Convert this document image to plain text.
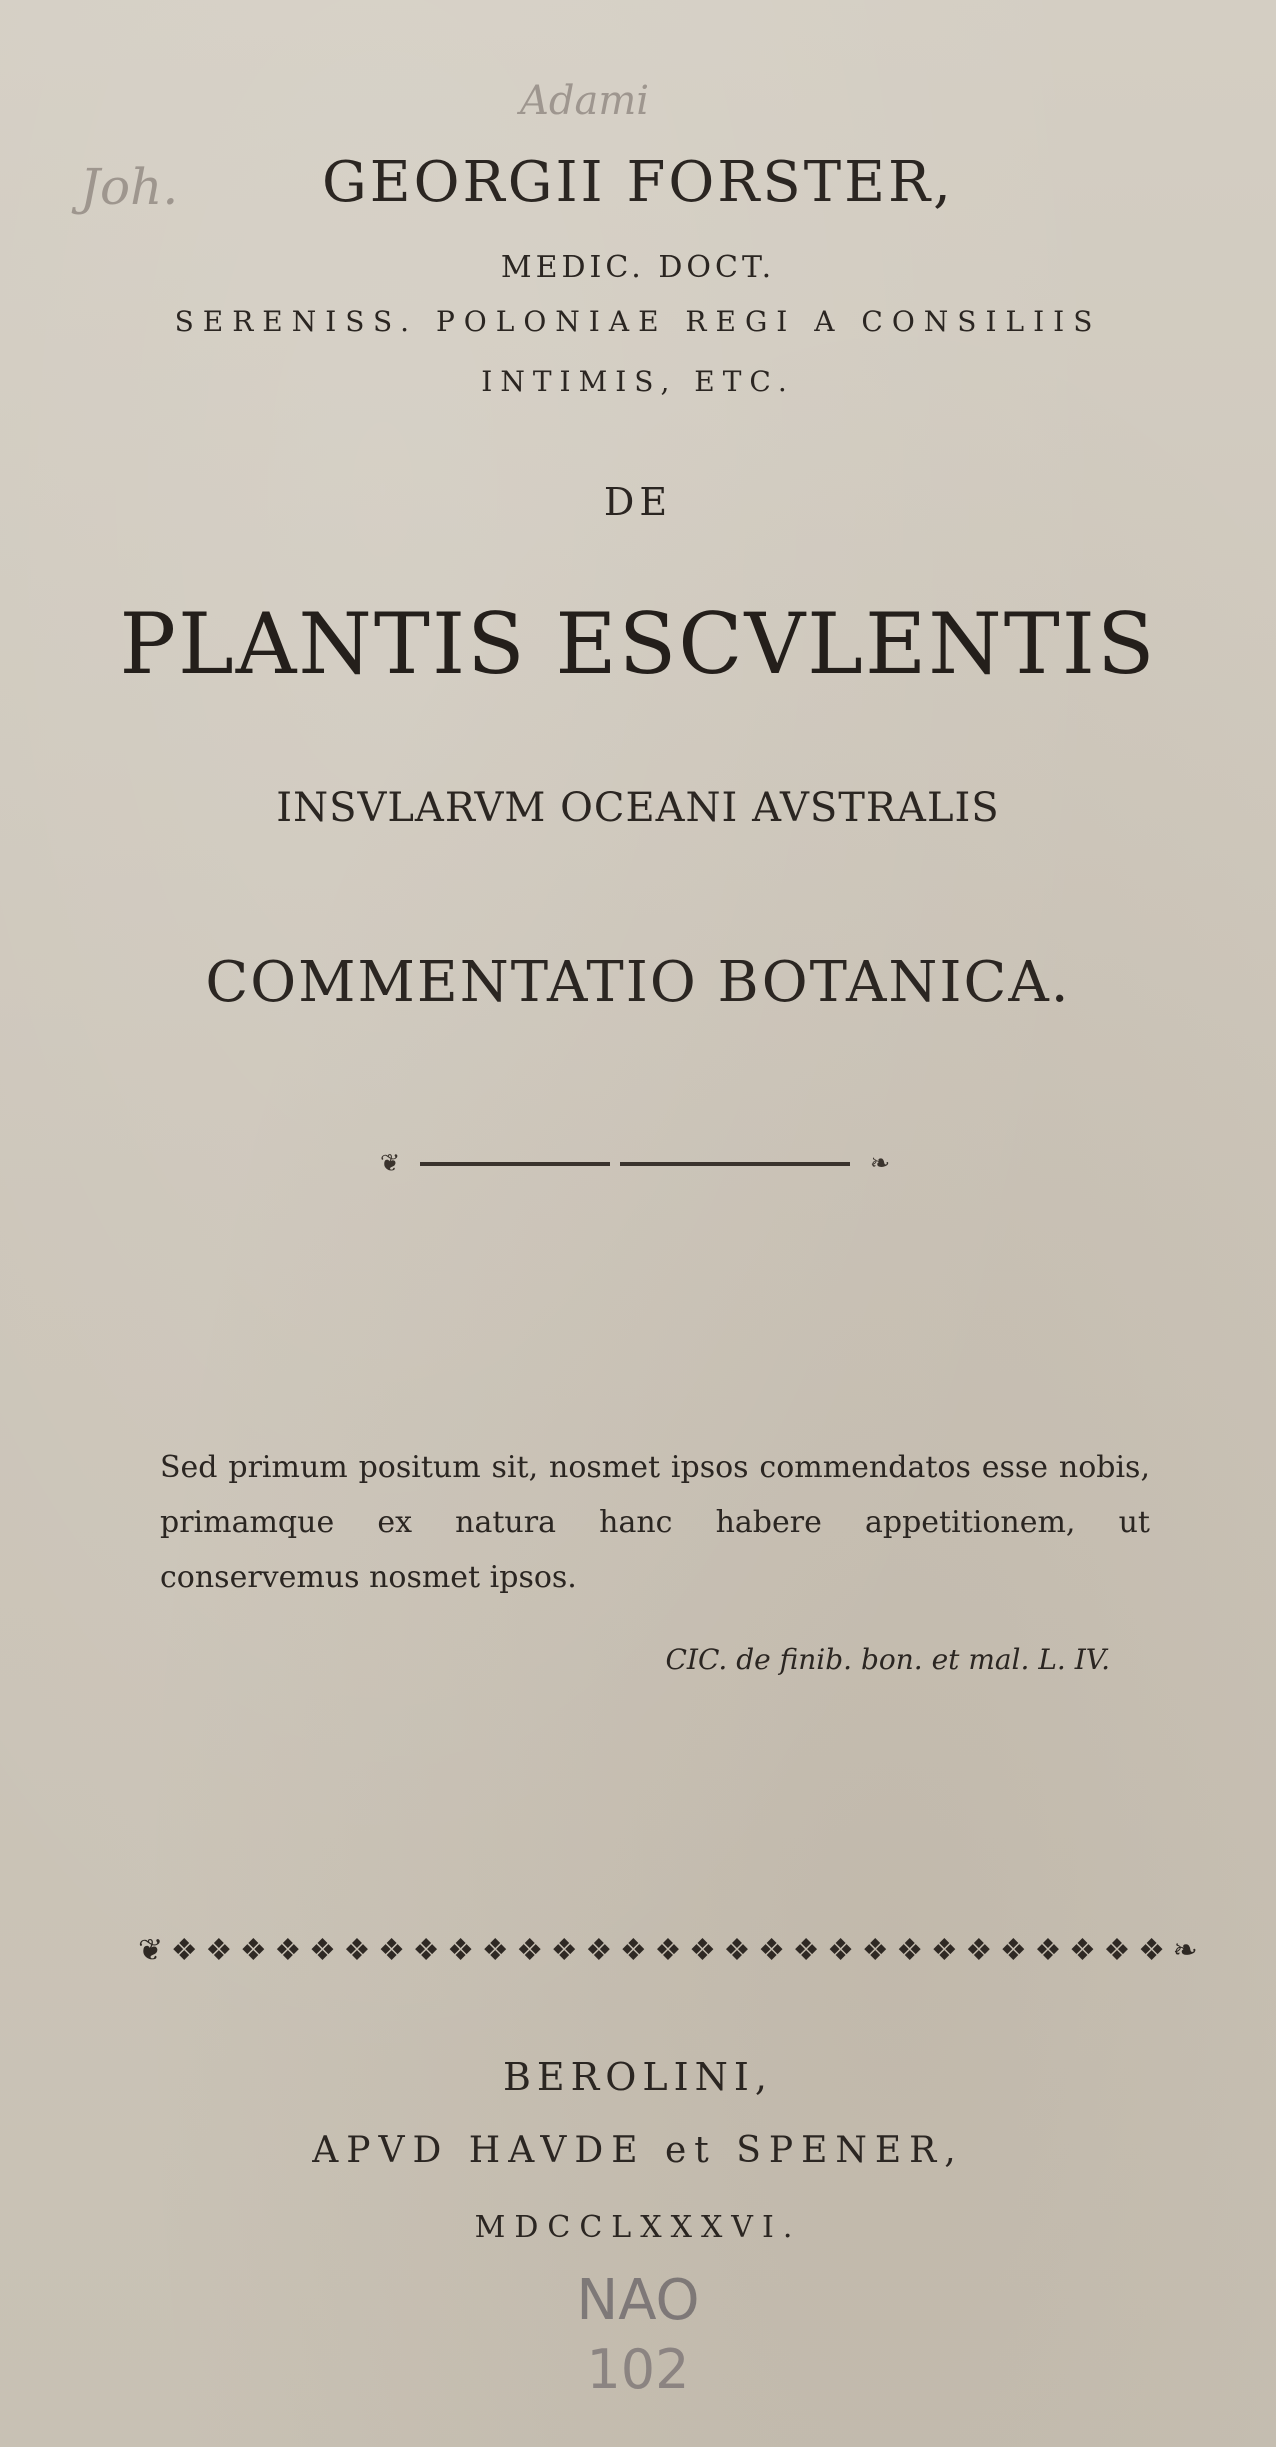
Adami
Joh.	GEORGII FORSTER,
MEDIC. DOCT.
SERENISS. POLONIAE REGI A CONSILIIS
INTIMIS, ETC.
DE
PLANTIS ESCVLENTIS
INSVLARVM OCEANI AVSTRALIS
COMMENTATIO BOTANICA.
❦	❧
Sed primum positum sit, nosmet ipsos commendatos esse nobis, primamque ex natura hanc habere appetitionem, ut conservemus nosmet ipsos.
CIC. de finib. bon. et mal. L. IV.
❦ ❖ ❖ ❖ ❖ ❖ ❖ ❖ ❖ ❖ ❖ ❖ ❖ ❖ ❖ ❖ ❖ ❖ ❖ ❖ ❖ ❖ ❖ ❖ ❖ ❖ ❖ ❖ ❖ ❖ ❧
BEROLINI,
APVD HAVDE et SPENER,
MDCCLXXXVI.
NAO
102
